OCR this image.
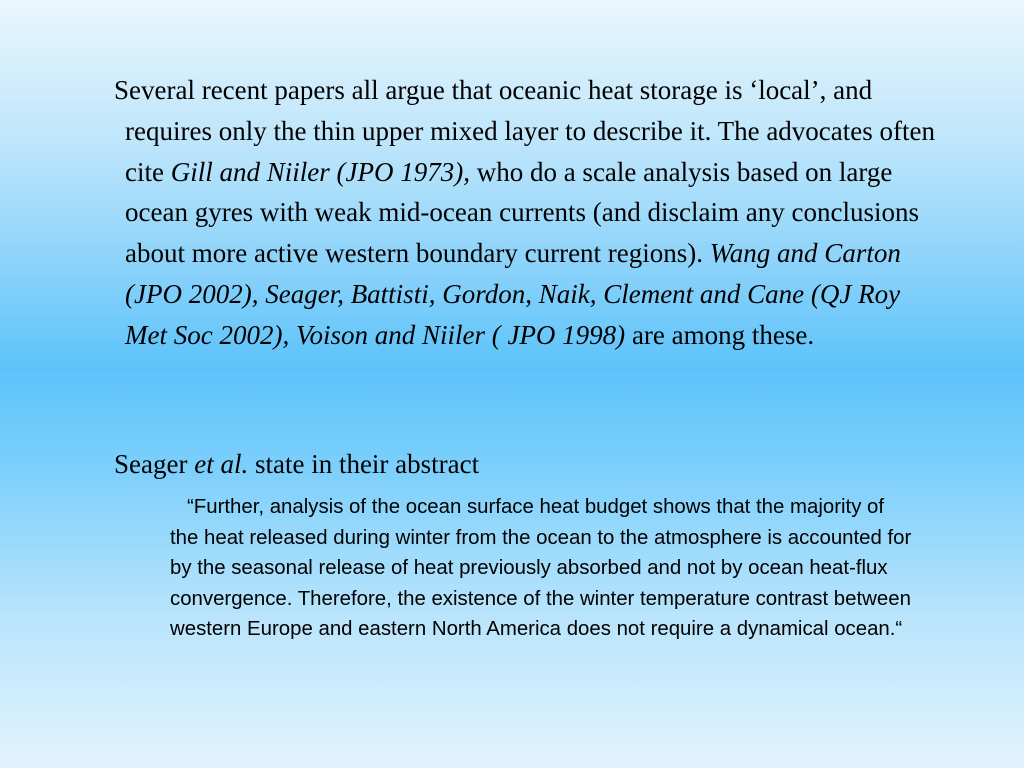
Several recent papers all argue that oceanic heat storage is ‘local’, and requires only the thin upper mixed layer to describe it. The advocates often cite Gill and Niiler (JPO 1973), who do a scale analysis based on large ocean gyres with weak mid-ocean currents (and disclaim any conclusions about more active western boundary current regions). Wang and Carton (JPO 2002), Seager, Battisti, Gordon, Naik, Clement and Cane (QJ Roy Met Soc 2002), Voison and Niiler ( JPO 1998) are among these.

Seager et al. state in their abstract

“Further, analysis of the ocean surface heat budget shows that the majority of the heat released during winter from the ocean to the atmosphere is accounted for by the seasonal release of heat previously absorbed and not by ocean heat-flux convergence. Therefore, the existence of the winter temperature contrast between western Europe and eastern North America does not require a dynamical ocean.“
